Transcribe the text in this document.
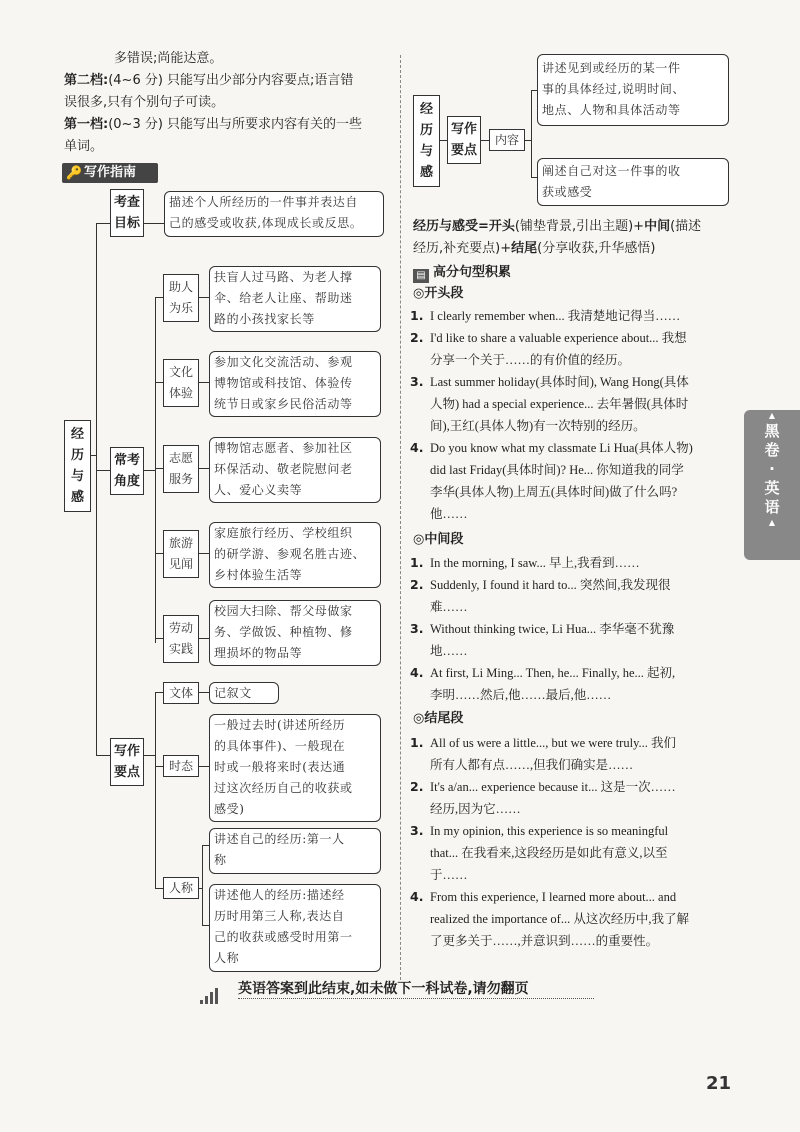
多错误;尚能达意。

第二档:(4~6 分) 只能写出少部分内容要点;语言错

误很多,只有个别句子可读。

第一档:(0~3 分) 只能写出与所要求内容有关的一些

单词。

🔑 写作指南
经
历
与
感
考查
目标
描述个人所经历的一件事并表达自
己的感受或收获,体现成长或反思。
常考
角度
助人
为乐
扶盲人过马路、为老人撑
伞、给老人让座、帮助迷
路的小孩找家长等
文化
体验
参加文化交流活动、参观
博物馆或科技馆、体验传
统节日或家乡民俗活动等
志愿
服务
博物馆志愿者、参加社区
环保活动、敬老院慰问老
人、爱心义卖等
旅游
见闻
家庭旅行经历、学校组织
的研学游、参观名胜古迹、
乡村体验生活等
劳动
实践
校园大扫除、帮父母做家
务、学做饭、种植物、修
理损坏的物品等
写作
要点
文体	记叙文
时态
一般过去时(讲述所经历
的具体事件)、一般现在
时或一般将来时(表达通
过这次经历自己的收获或
感受)
人称
讲述自己的经历:第一人
称
讲述他人的经历:描述经
历时用第三人称,表达自
己的收获或感受时用第一
人称
经
历
与
感
写作
要点
内容
讲述见到或经历的某一件
事的具体经过,说明时间、
地点、人物和具体活动等
阐述自己对这一件事的收
获或感受
经历与感受=开头(铺垫背景,引出主题)+中间(描述
经历,补充要点)+结尾(分享收获,升华感悟)
▤ 高分句型积累
◎开头段
1. I clearly remember when... 我清楚地记得当……
2. I'd like to share a valuable experience about... 我想
分享一个关于……的有价值的经历。
3. Last summer holiday(具体时间), Wang Hong(具体
人物) had a special experience... 去年暑假(具体时
间),王红(具体人物)有一次特别的经历。
4. Do you know what my classmate Li Hua(具体人物)
did last Friday(具体时间)? He... 你知道我的同学
李华(具体人物)上周五(具体时间)做了什么吗?
他……
◎中间段
1. In the morning, I saw... 早上,我看到……
2. Suddenly, I found it hard to... 突然间,我发现很
难……
3. Without thinking twice, Li Hua... 李华毫不犹豫
地……
4. At first, Li Ming... Then, he... Finally, he... 起初,
李明……然后,他……最后,他……
◎结尾段
1. All of us were a little..., but we were truly... 我们
所有人都有点……,但我们确实是……
2. It's a/an... experience because it... 这是一次……
经历,因为它……
3. In my opinion, this experience is so meaningful
that... 在我看来,这段经历是如此有意义,以至
于……
4. From this experience, I learned more about... and
realized the importance of... 从这次经历中,我了解
了更多关于……,并意识到……的重要性。
▲
黑
卷
·
英
语
▲
英语答案到此结束,如未做下一科试卷,请勿翻页
21
